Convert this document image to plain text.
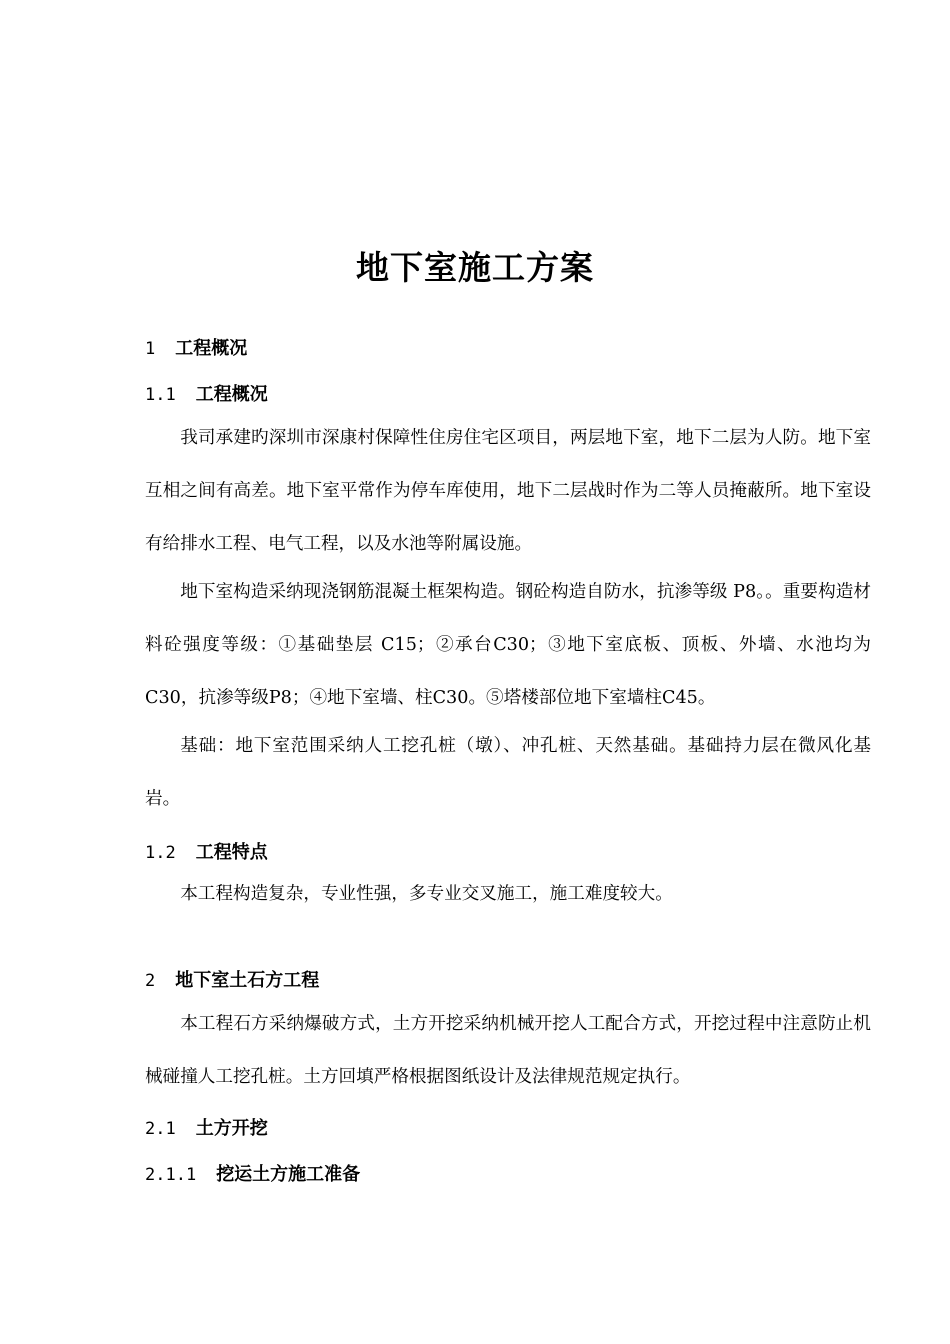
地下室施工方案
1 工程概况
1.1 工程概况
我司承建旳深圳市深康村保障性住房住宅区项目，两层地下室，地下二层为人防。地下室互相之间有高差。地下室平常作为停车库使用，地下二层战时作为二等人员掩蔽所。地下室设有给排水工程、电气工程，以及水池等附属设施。
地下室构造采纳现浇钢筋混凝土框架构造。钢砼构造自防水，抗渗等级 P8。。重要构造材料砼强度等级：①基础垫层 C15；②承台C30；③地下室底板、顶板、外墙、水池均为C30，抗渗等级P8；④地下室墙、柱C30。⑤塔楼部位地下室墙柱C45。
基础：地下室范围采纳人工挖孔桩（墩）、冲孔桩、天然基础。基础持力层在微风化基岩。
1.2 工程特点
本工程构造复杂，专业性强，多专业交叉施工，施工难度较大。
2 地下室土石方工程
本工程石方采纳爆破方式，土方开挖采纳机械开挖人工配合方式，开挖过程中注意防止机械碰撞人工挖孔桩。土方回填严格根据图纸设计及法律规范规定执行。
2.1 土方开挖
2.1.1 挖运土方施工准备
